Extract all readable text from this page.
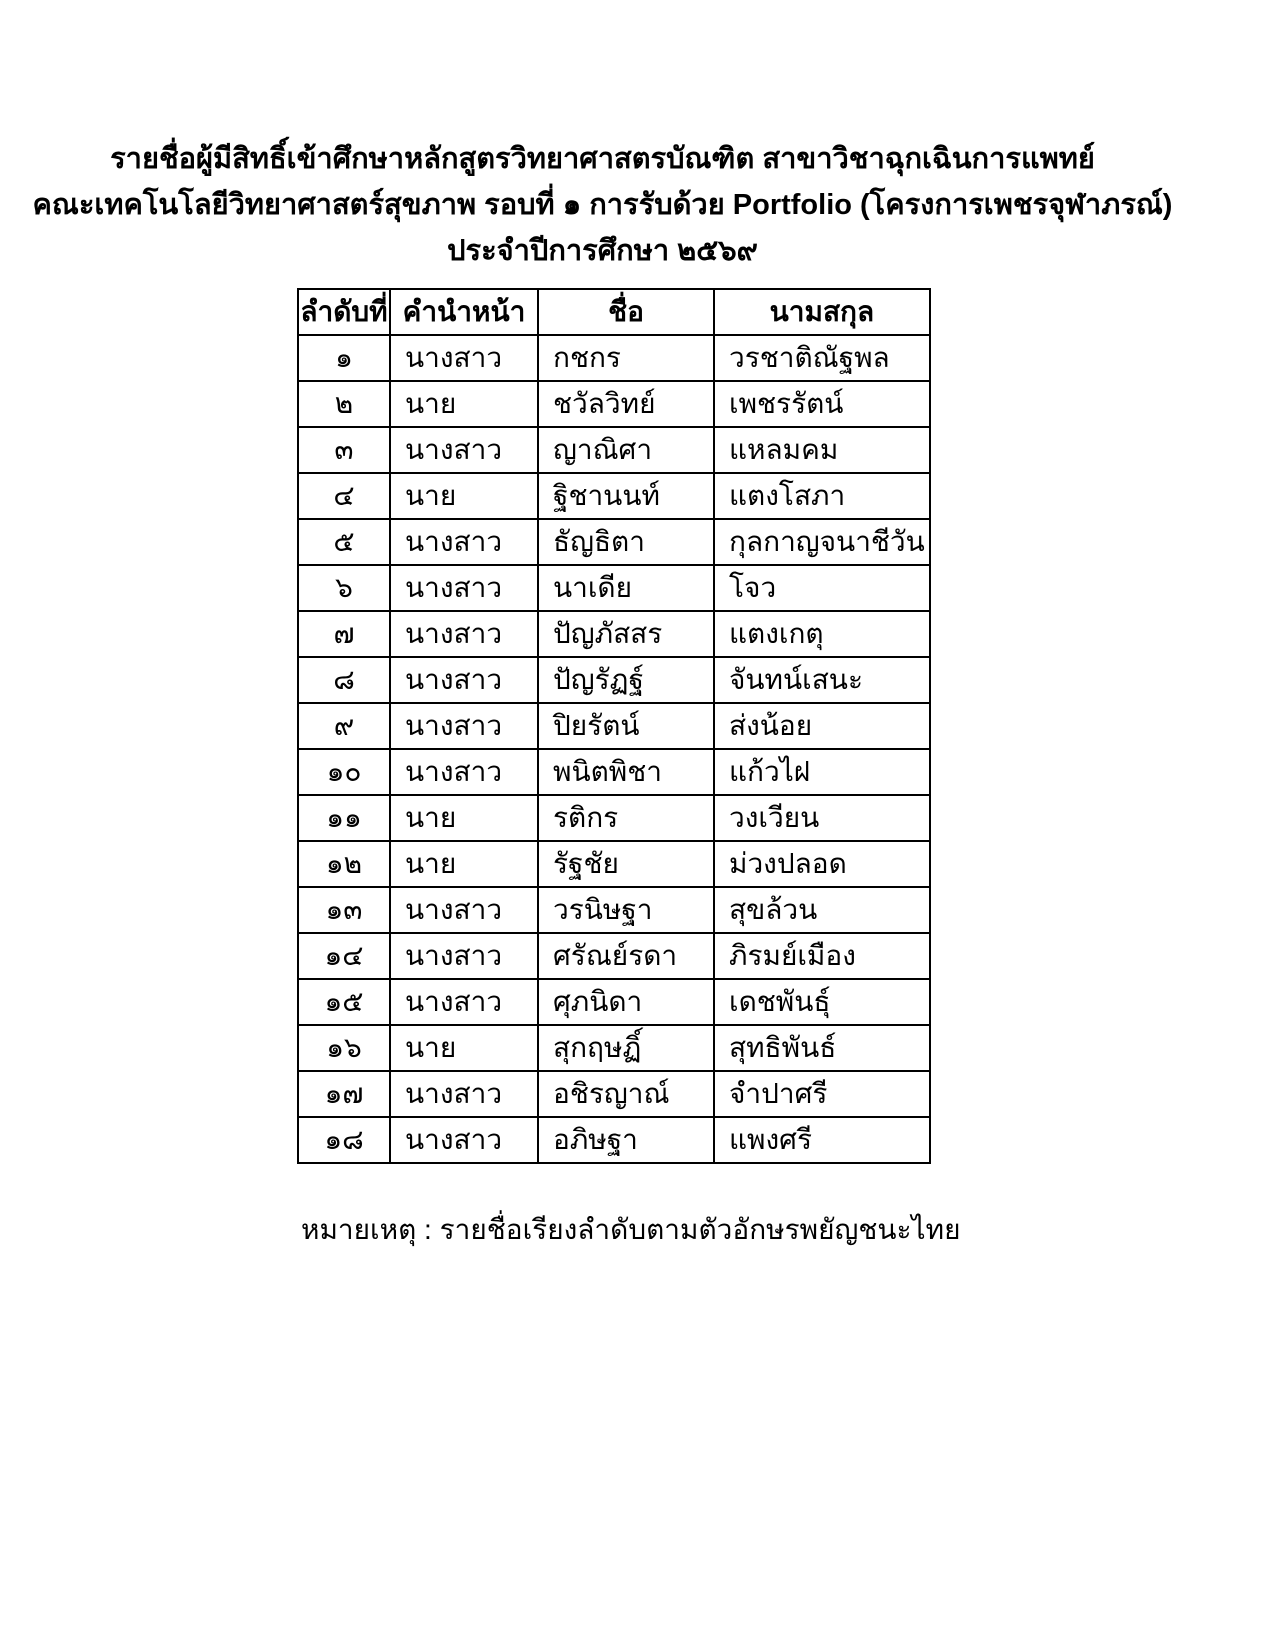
รายชื่อผู้มีสิทธิ์เข้าศึกษาหลักสูตรวิทยาศาสตรบัณฑิต สาขาวิชาฉุกเฉินการแพทย์
คณะเทคโนโลยีวิทยาศาสตร์สุขภาพ รอบที่ ๑ การรับด้วย Portfolio (โครงการเพชรจุฬาภรณ์)
ประจำปีการศึกษา ๒๕๖๙
ลำดับที่	คำนำหน้า	ชื่อ	นามสกุล
๑	นางสาว	กชกร	วรชาติณัฐพล
๒	นาย	ชวัลวิทย์	เพชรรัตน์
๓	นางสาว	ญาณิศา	แหลมคม
๔	นาย	ฐิชานนท์	แตงโสภา
๕	นางสาว	ธัญธิตา	กุลกาญจนาชีวัน
๖	นางสาว	นาเดีย	โจว
๗	นางสาว	ปัญภัสสร	แตงเกตุ
๘	นางสาว	ปัญรัฏฐ์	จันทน์เสนะ
๙	นางสาว	ปิยรัตน์	ส่งน้อย
๑๐	นางสาว	พนิตพิชา	แก้วไฝ
๑๑	นาย	รติกร	วงเวียน
๑๒	นาย	รัฐชัย	ม่วงปลอด
๑๓	นางสาว	วรนิษฐา	สุขล้วน
๑๔	นางสาว	ศรัณย์รดา	ภิรมย์เมือง
๑๕	นางสาว	ศุภนิดา	เดชพันธุ์
๑๖	นาย	สุกฤษฏิ์	สุทธิพันธ์
๑๗	นางสาว	อชิรญาณ์	จำปาศรี
๑๘	นางสาว	อภิษฐา	แพงศรี
หมายเหตุ : รายชื่อเรียงลำดับตามตัวอักษรพยัญชนะไทย
